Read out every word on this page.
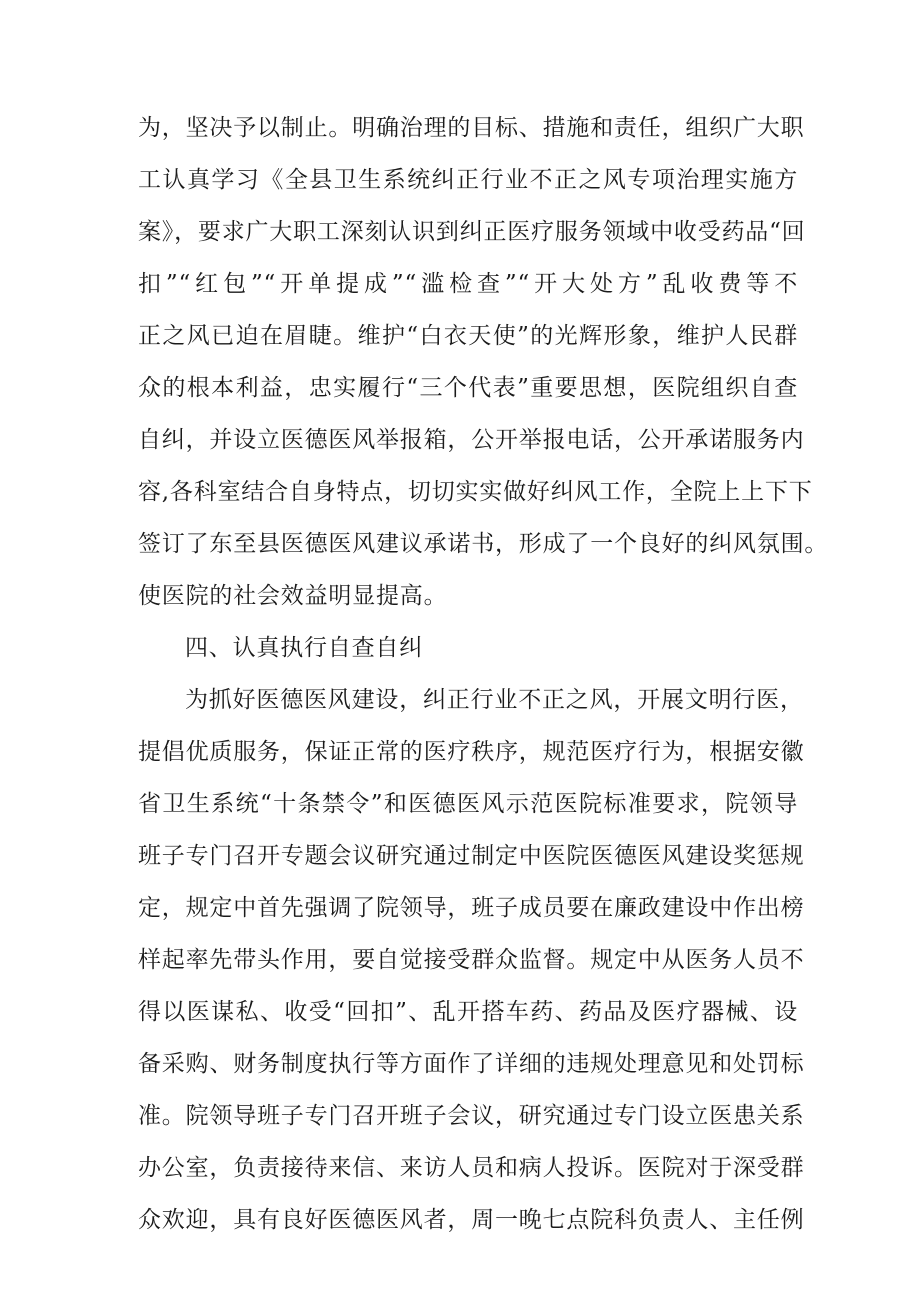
为，坚决予以制止。明确治理的目标、措施和责任，组织广大职

工认真学习《全县卫生系统纠正行业不正之风专项治理实施方

案》，要求广大职工深刻认识到纠正医疗服务领域中收受药品“回

扣”“红包”“开单提成”“滥检查”“开大处方”乱收费等不

正之风已迫在眉睫。维护“白衣天使”的光辉形象，维护人民群

众的根本利益，忠实履行“三个代表”重要思想，医院组织自查

自纠，并设立医德医风举报箱，公开举报电话，公开承诺服务内

容,各科室结合自身特点，切切实实做好纠风工作，全院上上下下

签订了东至县医德医风建议承诺书，形成了一个良好的纠风氛围。

使医院的社会效益明显提高。

四、认真执行自查自纠

为抓好医德医风建设，纠正行业不正之风，开展文明行医，

提倡优质服务，保证正常的医疗秩序，规范医疗行为，根据安徽

省卫生系统“十条禁令”和医德医风示范医院标准要求，院领导

班子专门召开专题会议研究通过制定中医院医德医风建设奖惩规

定，规定中首先强调了院领导，班子成员要在廉政建设中作出榜

样起率先带头作用，要自觉接受群众监督。规定中从医务人员不

得以医谋私、收受“回扣”、乱开搭车药、药品及医疗器械、设

备采购、财务制度执行等方面作了详细的违规处理意见和处罚标

准。院领导班子专门召开班子会议，研究通过专门设立医患关系

办公室，负责接待来信、来访人员和病人投诉。医院对于深受群

众欢迎，具有良好医德医风者，周一晚七点院科负责人、主任例
